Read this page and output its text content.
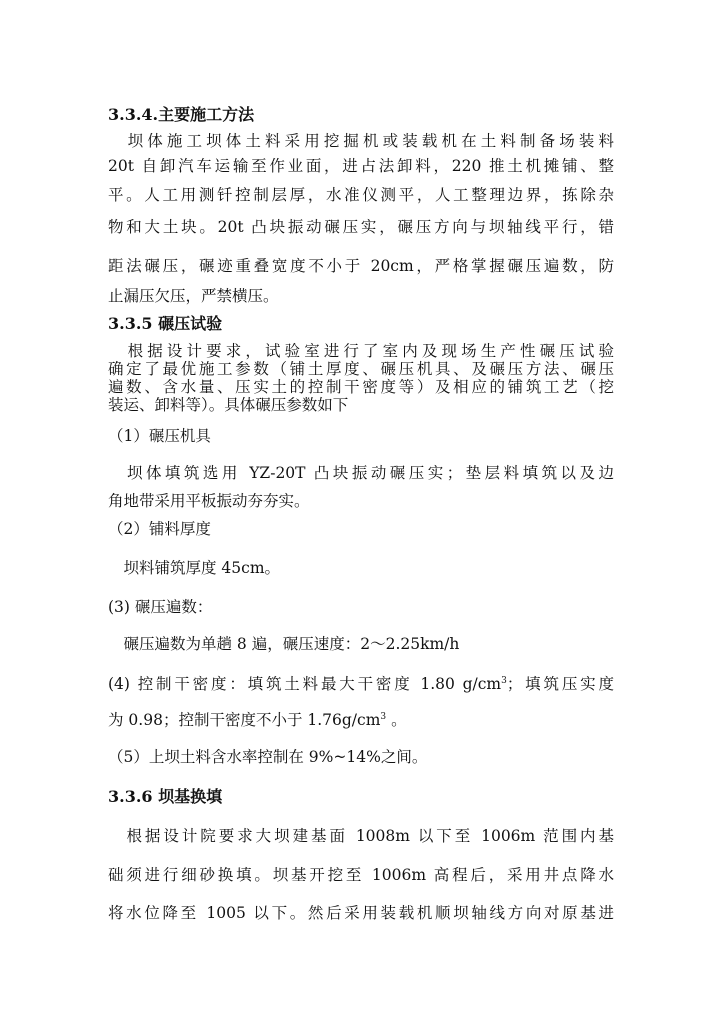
3.3.4.主要施工方法

　坝体施工坝体土料采用挖掘机或装载机在土料制备场装料

20t 自卸汽车运输至作业面，进占法卸料，220 推土机摊铺、整

平。人工用测钎控制层厚，水准仪测平，人工整理边界，拣除杂

物和大土块。20t 凸块振动碾压实，碾压方向与坝轴线平行，错

距法碾压，碾迹重叠宽度不小于 20cm，严格掌握碾压遍数，防

止漏压欠压，严禁横压。

3.3.5 碾压试验

　根据设计要求，试验室进行了室内及现场生产性碾压试验

确定了最优施工参数（铺土厚度、碾压机具、及碾压方法、碾压

遍数、含水量、压实土的控制干密度等）及相应的铺筑工艺（挖

装运、卸料等）。具体碾压参数如下

（1）碾压机具

　坝体填筑选用 YZ-20T 凸块振动碾压实；垫层料填筑以及边

角地带采用平板振动夯夯实。

（2）铺料厚度

　坝料铺筑厚度 45cm。

(3) 碾压遍数：

　碾压遍数为单趟 8 遍，碾压速度：2～2.25km/h

(4) 控制干密度：填筑土料最大干密度 1.80 $g/cm^3$；填筑压实度

为 0.98；控制干密度不小于 $1.76g/cm^3$ 。

（5）上坝土料含水率控制在 9%~14%之间。

3.3.6 坝基换填

　根据设计院要求大坝建基面 1008m 以下至 1006m 范围内基

础须进行细砂换填。坝基开挖至 1006m 高程后，采用井点降水

将水位降至 1005 以下。然后采用装载机顺坝轴线方向对原基进
